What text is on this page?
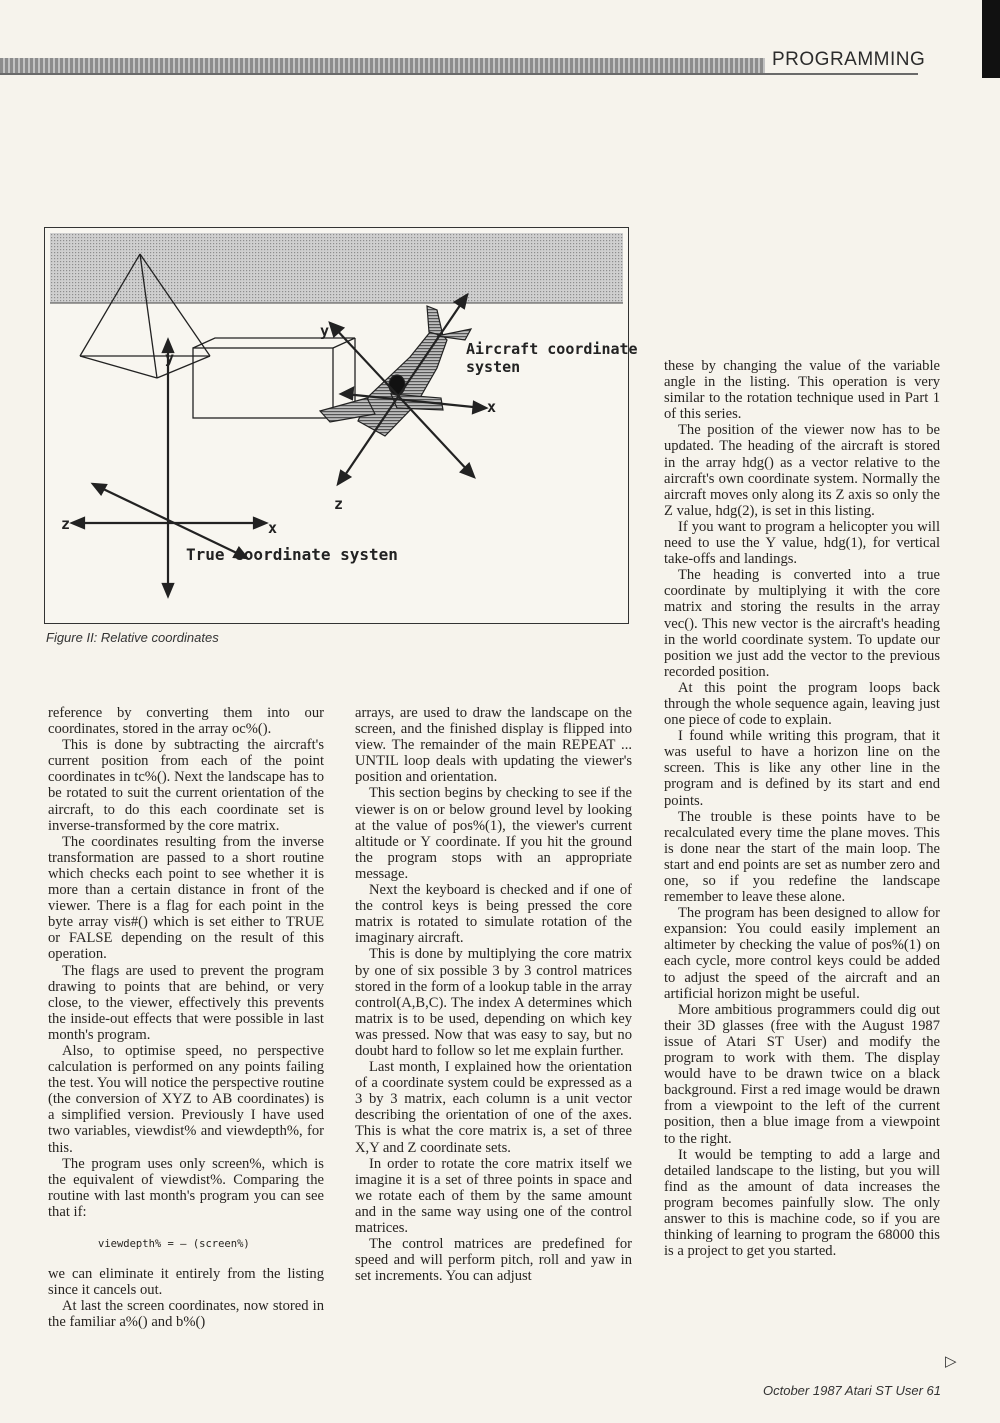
PROGRAMMING
y
y
Aircraft coordinate
systen
x
z
z	x
True coordinate systen
Figure II: Relative coordinates

reference by converting them into our coordinates, stored in the array oc%().

This is done by subtracting the aircraft's current position from each of the point coordinates in tc%(). Next the landscape has to be rotated to suit the current orientation of the aircraft, to do this each coordinate set is inverse-transformed by the core matrix.

The coordinates resulting from the inverse transformation are passed to a short routine which checks each point to see whether it is more than a certain distance in front of the viewer. There is a flag for each point in the byte array vis#() which is set either to TRUE or FALSE depending on the result of this operation.

The flags are used to prevent the program drawing to points that are behind, or very close, to the viewer, effectively this prevents the inside-out effects that were possible in last month's program.

Also, to optimise speed, no perspective calculation is performed on any points failing the test. You will notice the perspective routine (the conversion of XYZ to AB coordinates) is a simplified version. Previously I have used two variables, viewdist% and viewdepth%, for this.

The program uses only screen%, which is the equivalent of viewdist%. Comparing the routine with last month's program you can see that if:

viewdepth% = — (screen%)

we can eliminate it entirely from the listing since it cancels out.

At last the screen coordinates, now stored in the familiar a%() and b%()

arrays, are used to draw the landscape on the screen, and the finished display is flipped into view. The remainder of the main REPEAT ... UNTIL loop deals with updating the viewer's position and orientation.

This section begins by checking to see if the viewer is on or below ground level by looking at the value of pos%(1), the viewer's current altitude or Y coordinate. If you hit the ground the program stops with an appropriate message.

Next the keyboard is checked and if one of the control keys is being pressed the core matrix is rotated to simulate rotation of the imaginary aircraft.

This is done by multiplying the core matrix by one of six possible 3 by 3 control matrices stored in the form of a lookup table in the array control(A,B,C). The index A determines which matrix is to be used, depending on which key was pressed. Now that was easy to say, but no doubt hard to follow so let me explain further.

Last month, I explained how the orientation of a coordinate system could be expressed as a 3 by 3 matrix, each column is a unit vector describing the orientation of one of the axes. This is what the core matrix is, a set of three X,Y and Z coordinate sets.

In order to rotate the core matrix itself we imagine it is a set of three points in space and we rotate each of them by the same amount and in the same way using one of the control matrices.

The control matrices are predefined for speed and will perform pitch, roll and yaw in set increments. You can adjust

these by changing the value of the variable angle in the listing. This operation is very similar to the rotation technique used in Part 1 of this series.

The position of the viewer now has to be updated. The heading of the aircraft is stored in the array hdg() as a vector relative to the aircraft's own coordinate system. Normally the aircraft moves only along its Z axis so only the Z value, hdg(2), is set in this listing.

If you want to program a helicopter you will need to use the Y value, hdg(1), for vertical take-offs and landings.

The heading is converted into a true coordinate by multiplying it with the core matrix and storing the results in the array vec(). This new vector is the aircraft's heading in the world coordinate system. To update our position we just add the vector to the previous recorded position.

At this point the program loops back through the whole sequence again, leaving just one piece of code to explain.

I found while writing this program, that it was useful to have a horizon line on the screen. This is like any other line in the program and is defined by its start and end points.

The trouble is these points have to be recalculated every time the plane moves. This is done near the start of the main loop. The start and end points are set as number zero and one, so if you redefine the landscape remember to leave these alone.

The program has been designed to allow for expansion: You could easily implement an altimeter by checking the value of pos%(1) on each cycle, more control keys could be added to adjust the speed of the aircraft and an artificial horizon might be useful.

More ambitious programmers could dig out their 3D glasses (free with the August 1987 issue of Atari ST User) and modify the program to work with them. The display would have to be drawn twice on a black background. First a red image would be drawn from a viewpoint to the left of the current position, then a blue image from a viewpoint to the right.

It would be tempting to add a large and detailed landscape to the listing, but you will find as the amount of data increases the program becomes painfully slow. The only answer to this is machine code, so if you are thinking of learning to program the 68000 this is a project to get you started.

▷
October 1987 Atari ST User 61
